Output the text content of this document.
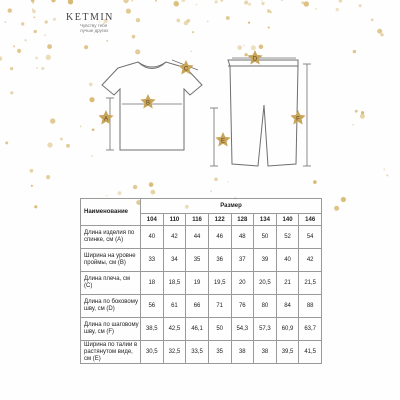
KETMIN
Чувству тебя
лучше других
A
B
C
D
E
F
Наименование	Размер							
	104	110	116	122	128	134	140	146
Длина изделия по спинке, см (A)	40	42	44	46	48	50	52	54
Ширина на уровне проймы, см (B)	33	34	35	36	37	39	40	42
Длина плеча, см (C)	18	18,5	19	19,5	20	20,5	21	21,5
Длина по боковому шву, см (D)	56	61	66	71	76	80	84	88
Длина по шаговому шву, см (F)	38,5	42,5	46,1	50	54,3	57,3	60,9	63,7
Ширина по талии в растянутом виде, см (E)	30,5	32,5	33,5	35	38	38	39,5	41,5
